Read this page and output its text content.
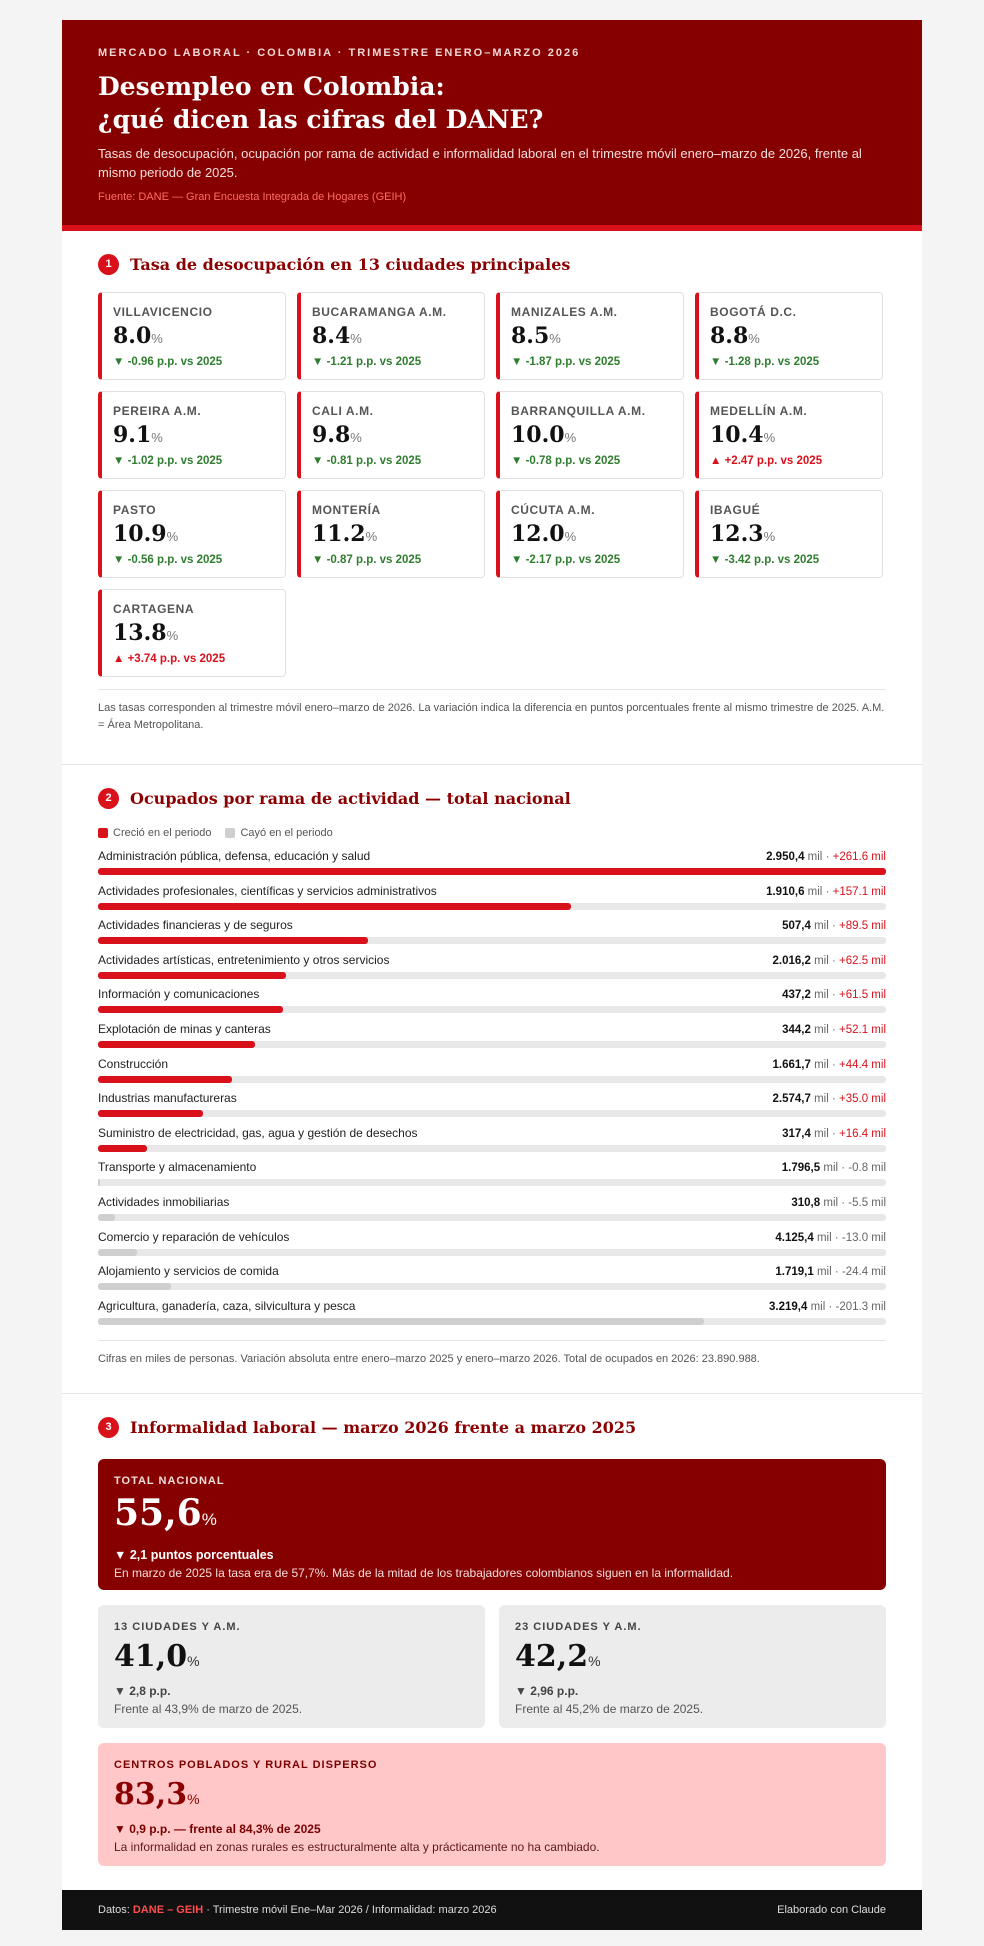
MERCADO LABORAL · COLOMBIA · TRIMESTRE ENERO–MARZO 2026
Desempleo en Colombia:
¿qué dicen las cifras del DANE?
Tasas de desocupación, ocupación por rama de actividad e informalidad laboral en el trimestre móvil enero–marzo de 2026, frente al mismo periodo de 2025.
Fuente: DANE — Gran Encuesta Integrada de Hogares (GEIH)
1	Tasa de desocupación en 13 ciudades principales
VILLAVICENCIO
8.0%
▼ -0.96 p.p. vs 2025
BUCARAMANGA A.M.
8.4%
▼ -1.21 p.p. vs 2025
MANIZALES A.M.
8.5%
▼ -1.87 p.p. vs 2025
BOGOTÁ D.C.
8.8%
▼ -1.28 p.p. vs 2025
PEREIRA A.M.
9.1%
▼ -1.02 p.p. vs 2025
CALI A.M.
9.8%
▼ -0.81 p.p. vs 2025
BARRANQUILLA A.M.
10.0%
▼ -0.78 p.p. vs 2025
MEDELLÍN A.M.
10.4%
▲ +2.47 p.p. vs 2025
PASTO
10.9%
▼ -0.56 p.p. vs 2025
MONTERÍA
11.2%
▼ -0.87 p.p. vs 2025
CÚCUTA A.M.
12.0%
▼ -2.17 p.p. vs 2025
IBAGUÉ
12.3%
▼ -3.42 p.p. vs 2025
CARTAGENA
13.8%
▲ +3.74 p.p. vs 2025
Las tasas corresponden al trimestre móvil enero–marzo de 2026. La variación indica la diferencia en puntos porcentuales frente al mismo trimestre de 2025. A.M. = Área Metropolitana.
2	Ocupados por rama de actividad — total nacional
Creció en el periodo	Cayó en el periodo
Administración pública, defensa, educación y salud	2.950,4 mil · +261.6 mil
Actividades profesionales, científicas y servicios administrativos	1.910,6 mil · +157.1 mil
Actividades financieras y de seguros	507,4 mil · +89.5 mil
Actividades artísticas, entretenimiento y otros servicios	2.016,2 mil · +62.5 mil
Información y comunicaciones	437,2 mil · +61.5 mil
Explotación de minas y canteras	344,2 mil · +52.1 mil
Construcción	1.661,7 mil · +44.4 mil
Industrias manufactureras	2.574,7 mil · +35.0 mil
Suministro de electricidad, gas, agua y gestión de desechos	317,4 mil · +16.4 mil
Transporte y almacenamiento	1.796,5 mil · -0.8 mil
Actividades inmobiliarias	310,8 mil · -5.5 mil
Comercio y reparación de vehículos	4.125,4 mil · -13.0 mil
Alojamiento y servicios de comida	1.719,1 mil · -24.4 mil
Agricultura, ganadería, caza, silvicultura y pesca	3.219,4 mil · -201.3 mil
Cifras en miles de personas. Variación absoluta entre enero–marzo 2025 y enero–marzo 2026. Total de ocupados en 2026: 23.890.988.
3	Informalidad laboral — marzo 2026 frente a marzo 2025
TOTAL NACIONAL
55,6%
▼ 2,1 puntos porcentuales
En marzo de 2025 la tasa era de 57,7%. Más de la mitad de los trabajadores colombianos siguen en la informalidad.
13 CIUDADES Y A.M.
41,0%
▼ 2,8 p.p.
Frente al 43,9% de marzo de 2025.
23 CIUDADES Y A.M.
42,2%
▼ 2,96 p.p.
Frente al 45,2% de marzo de 2025.
CENTROS POBLADOS Y RURAL DISPERSO
83,3%
▼ 0,9 p.p. — frente al 84,3% de 2025
La informalidad en zonas rurales es estructuralmente alta y prácticamente no ha cambiado.
Datos: DANE – GEIH · Trimestre móvil Ene–Mar 2026 / Informalidad: marzo 2026	Elaborado con Claude
